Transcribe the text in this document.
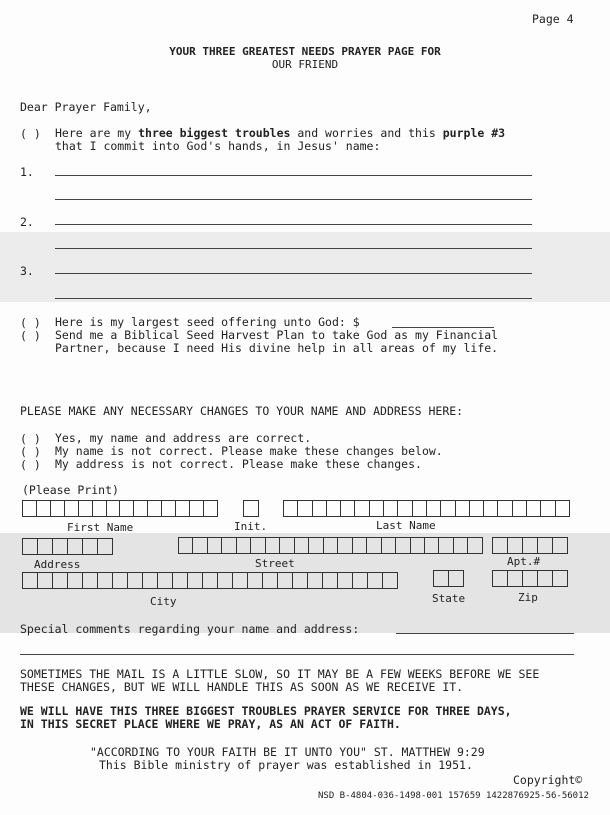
Page 4
YOUR THREE GREATEST NEEDS PRAYER PAGE FOR
OUR FRIEND
Dear Prayer Family,
( ) Here are my three biggest troubles and worries and this purple #3
that I commit into God's hands, in Jesus' name:
1.
2.
3.
( ) Here is my largest seed offering unto God: $
( ) Send me a Biblical Seed Harvest Plan to take God as my Financial
Partner, because I need His divine help in all areas of my life.
PLEASE MAKE ANY NECESSARY CHANGES TO YOUR NAME AND ADDRESS HERE:
( ) Yes, my name and address are correct.
( ) My name is not correct. Please make these changes below.
( ) My address is not correct. Please make these changes.
(Please Print)
First Name	Init.	Last Name
Address	Street	Apt.#
City	State	Zip
Special comments regarding your name and address:
SOMETIMES THE MAIL IS A LITTLE SLOW, SO IT MAY BE A FEW WEEKS BEFORE WE SEE
THESE CHANGES, BUT WE WILL HANDLE THIS AS SOON AS WE RECEIVE IT.
WE WILL HAVE THIS THREE BIGGEST TROUBLES PRAYER SERVICE FOR THREE DAYS,
IN THIS SECRET PLACE WHERE WE PRAY, AS AN ACT OF FAITH.
"ACCORDING TO YOUR FAITH BE IT UNTO YOU" ST. MATTHEW 9:29
This Bible ministry of prayer was established in 1951.
Copyright©
NSD B-4804-036-1498-001 157659 1422876925-56-56012
